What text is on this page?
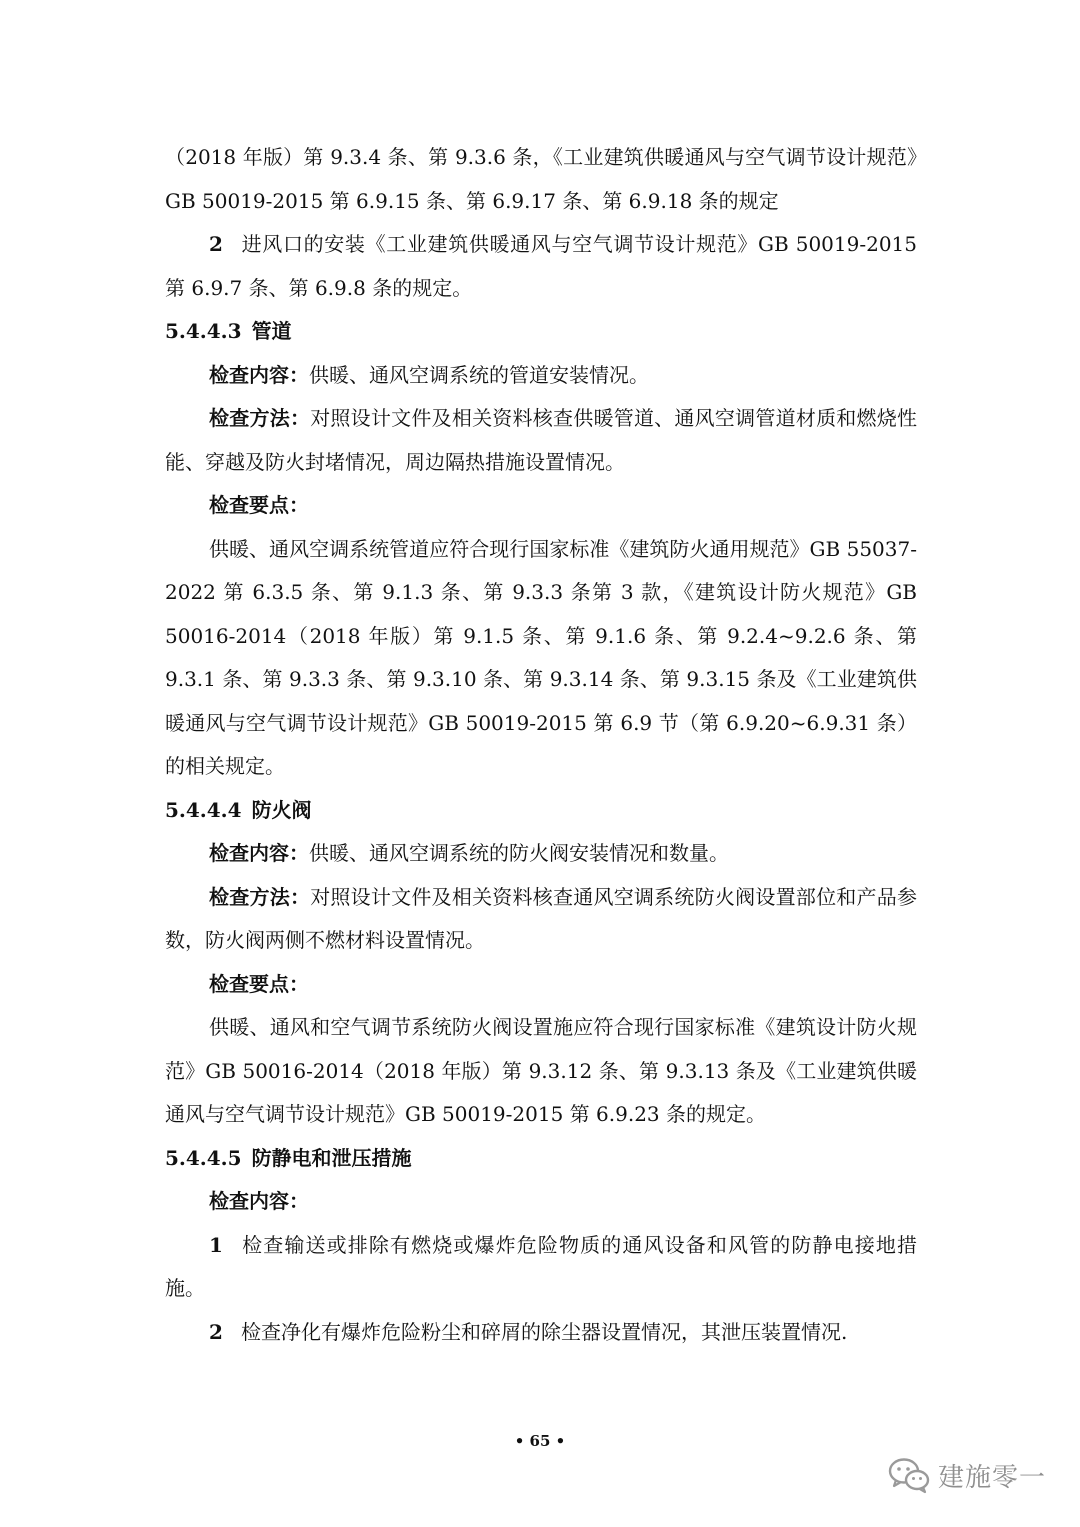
（2018 年版）第 9.3.4 条、第 9.3.6 条，《工业建筑供暖通风与空气调节设计规范》GB 50019-2015 第 6.9.15 条、第 6.9.17 条、第 6.9.18 条的规定

2 进风口的安装《工业建筑供暖通风与空气调节设计规范》GB 50019-2015 第 6.9.7 条、第 6.9.8 条的规定。

5.4.4.3 管道

检查内容：供暖、通风空调系统的管道安装情况。

检查方法：对照设计文件及相关资料核查供暖管道、通风空调管道材质和燃烧性能、穿越及防火封堵情况，周边隔热措施设置情况。

检查要点：

供暖、通风空调系统管道应符合现行国家标准《建筑防火通用规范》GB 55037-2022 第 6.3.5 条、第 9.1.3 条、第 9.3.3 条第 3 款，《建筑设计防火规范》GB 50016-2014（2018 年版）第 9.1.5 条、第 9.1.6 条、第 9.2.4~9.2.6 条、第 9.3.1 条、第 9.3.3 条、第 9.3.10 条、第 9.3.14 条、第 9.3.15 条及《工业建筑供暖通风与空气调节设计规范》GB 50019-2015 第 6.9 节（第 6.9.20~6.9.31 条）的相关规定。

5.4.4.4 防火阀

检查内容：供暖、通风空调系统的防火阀安装情况和数量。

检查方法：对照设计文件及相关资料核查通风空调系统防火阀设置部位和产品参数，防火阀两侧不燃材料设置情况。

检查要点：

供暖、通风和空气调节系统防火阀设置施应符合现行国家标准《建筑设计防火规范》GB 50016-2014（2018 年版）第 9.3.12 条、第 9.3.13 条及《工业建筑供暖通风与空气调节设计规范》GB 50019-2015 第 6.9.23 条的规定。

5.4.4.5 防静电和泄压措施

检查内容：

1 检查输送或排除有燃烧或爆炸危险物质的通风设备和风管的防静电接地措施。

2 检查净化有爆炸危险粉尘和碎屑的除尘器设置情况，其泄压装置情况.

• 65 •
建施零一
